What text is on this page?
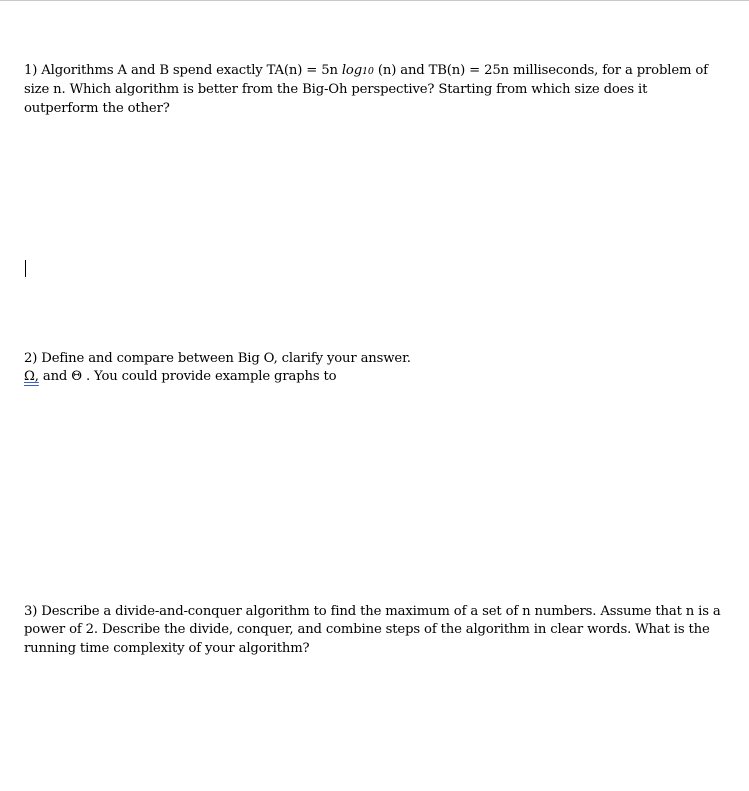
1) Algorithms A and B spend exactly TA(n) = 5n log10 (n) and TB(n) = 25n milliseconds, for a problem of
size n. Which algorithm is better from the Big-Oh perspective? Starting from which size does it
outperform the other?
2) Define and compare between Big O, clarify your answer.
Ω, and Θ . You could provide example graphs to
3) Describe a divide-and-conquer algorithm to find the maximum of a set of n numbers. Assume that n is a
power of 2. Describe the divide, conquer, and combine steps of the algorithm in clear words. What is the
running time complexity of your algorithm?
